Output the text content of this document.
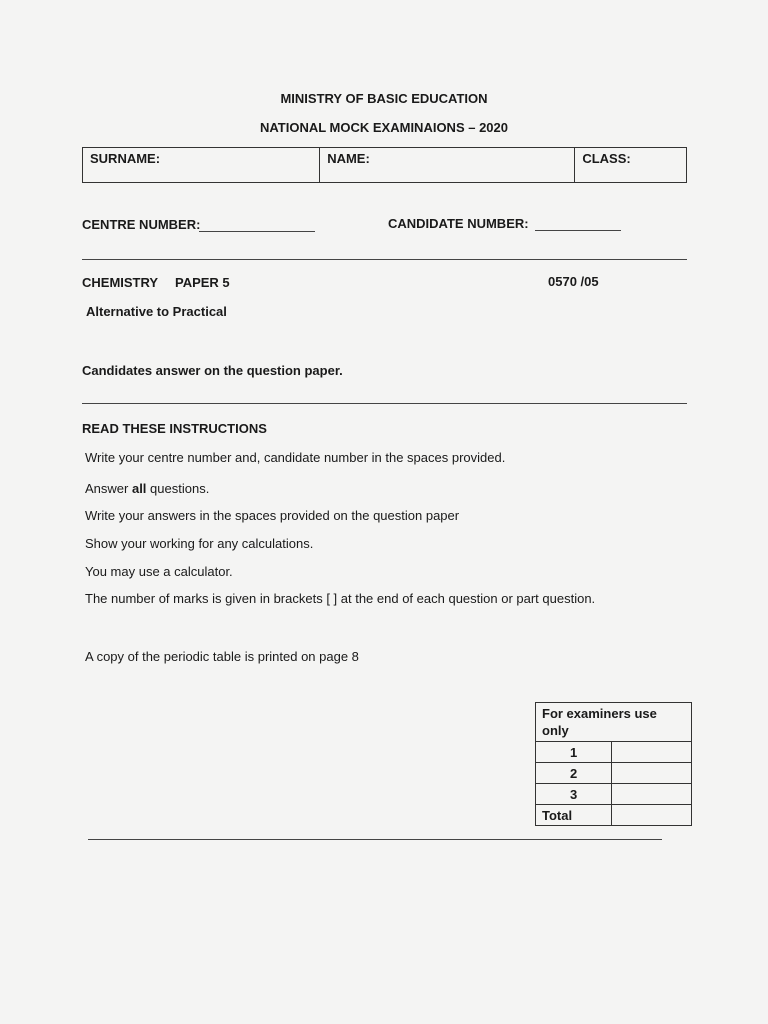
MINISTRY OF BASIC EDUCATION
NATIONAL MOCK EXAMINAIONS – 2020
SURNAME:	NAME:	CLASS:
CENTRE NUMBER:	CANDIDATE NUMBER:
CHEMISTRY PAPER 5	0570 /05
Alternative to Practical
Candidates answer on the question paper.
READ THESE INSTRUCTIONS
Write your centre number and, candidate number in the spaces provided.
Answer all questions.
Write your answers in the spaces provided on the question paper
Show your working for any calculations.
You may use a calculator.
The number of marks is given in brackets [ ] at the end of each question or part question.
A copy of the periodic table is printed on page 8
For examiners use only	
1	
2	
3	
Total	
